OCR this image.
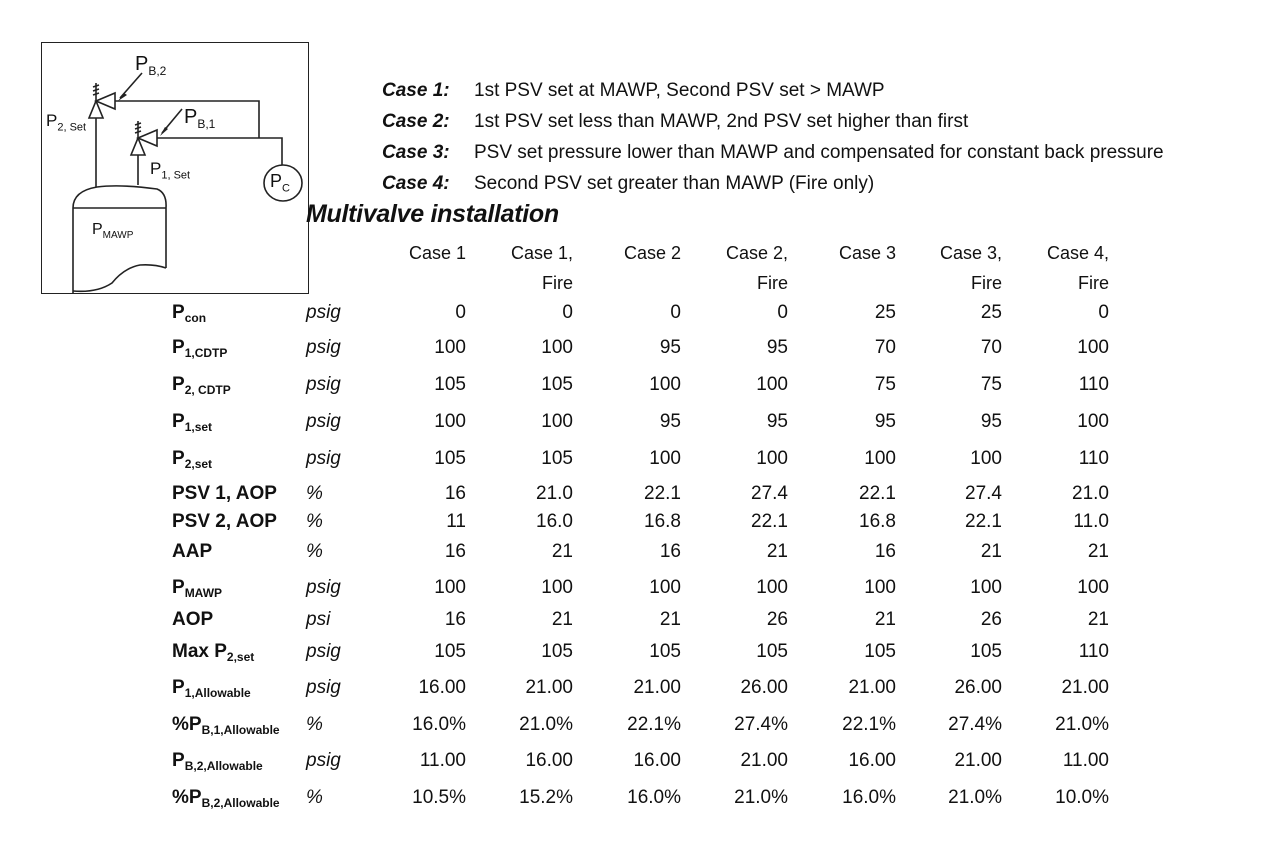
$P_{B,2}$
$P_{B,1}$
$P_{2, Set}$
$P_{1, Set}$	$P_C$
$P_{MAWP}$
Case 1: 1st PSV set at MAWP, Second PSV set > MAWP
Case 2: 1st PSV set less than MAWP, 2nd PSV set higher than first
Case 3: PSV set pressure lower than MAWP and compensated for constant back pressure
Case 4: Second PSV set greater than MAWP (Fire only)
Multivalve installation
Case 1	Case 1,
Fire
Case 2	Case 2,
Fire
Case 3	Case 3,
Fire
Case 4,
Fire
$P_{con}$	psig	0	0	0	0	25	25	0
$P_{1,CDTP}$	psig	100	100	95	95	70	70	100
$P_{2, CDTP}$	psig	105	105	100	100	75	75	110
$P_{1,set}$	psig	100	100	95	95	95	95	100
$P_{2,set}$	psig	105	105	100	100	100	100	110
PSV 1, AOP %	16	21.0	22.1	27.4	22.1	27.4	21.0
PSV 2, AOP %	11	16.0	16.8	22.1	16.8	22.1	11.0
AAP	%	16	21	16	21	16	21	21
$P_{MAWP}$	psig	100	100	100	100	100	100	100
AOP	psi	16	21	21	26	21	26	21
Max $P_{2,set}$	psig	105	105	105	105	105	105	110
$P_{1,Allowable}$	psig	16.00	21.00	21.00	26.00	21.00	26.00	21.00
$\%P_{B,1,Allowable}$ %	16.0%	21.0%	22.1%	27.4%	22.1%	27.4%	21.0%
$P_{B,2,Allowable}$ psig	11.00	16.00	16.00	21.00	16.00	21.00	11.00
$\%P_{B,2,Allowable}$ %	10.5%	15.2%	16.0%	21.0%	16.0%	21.0%	10.0%
